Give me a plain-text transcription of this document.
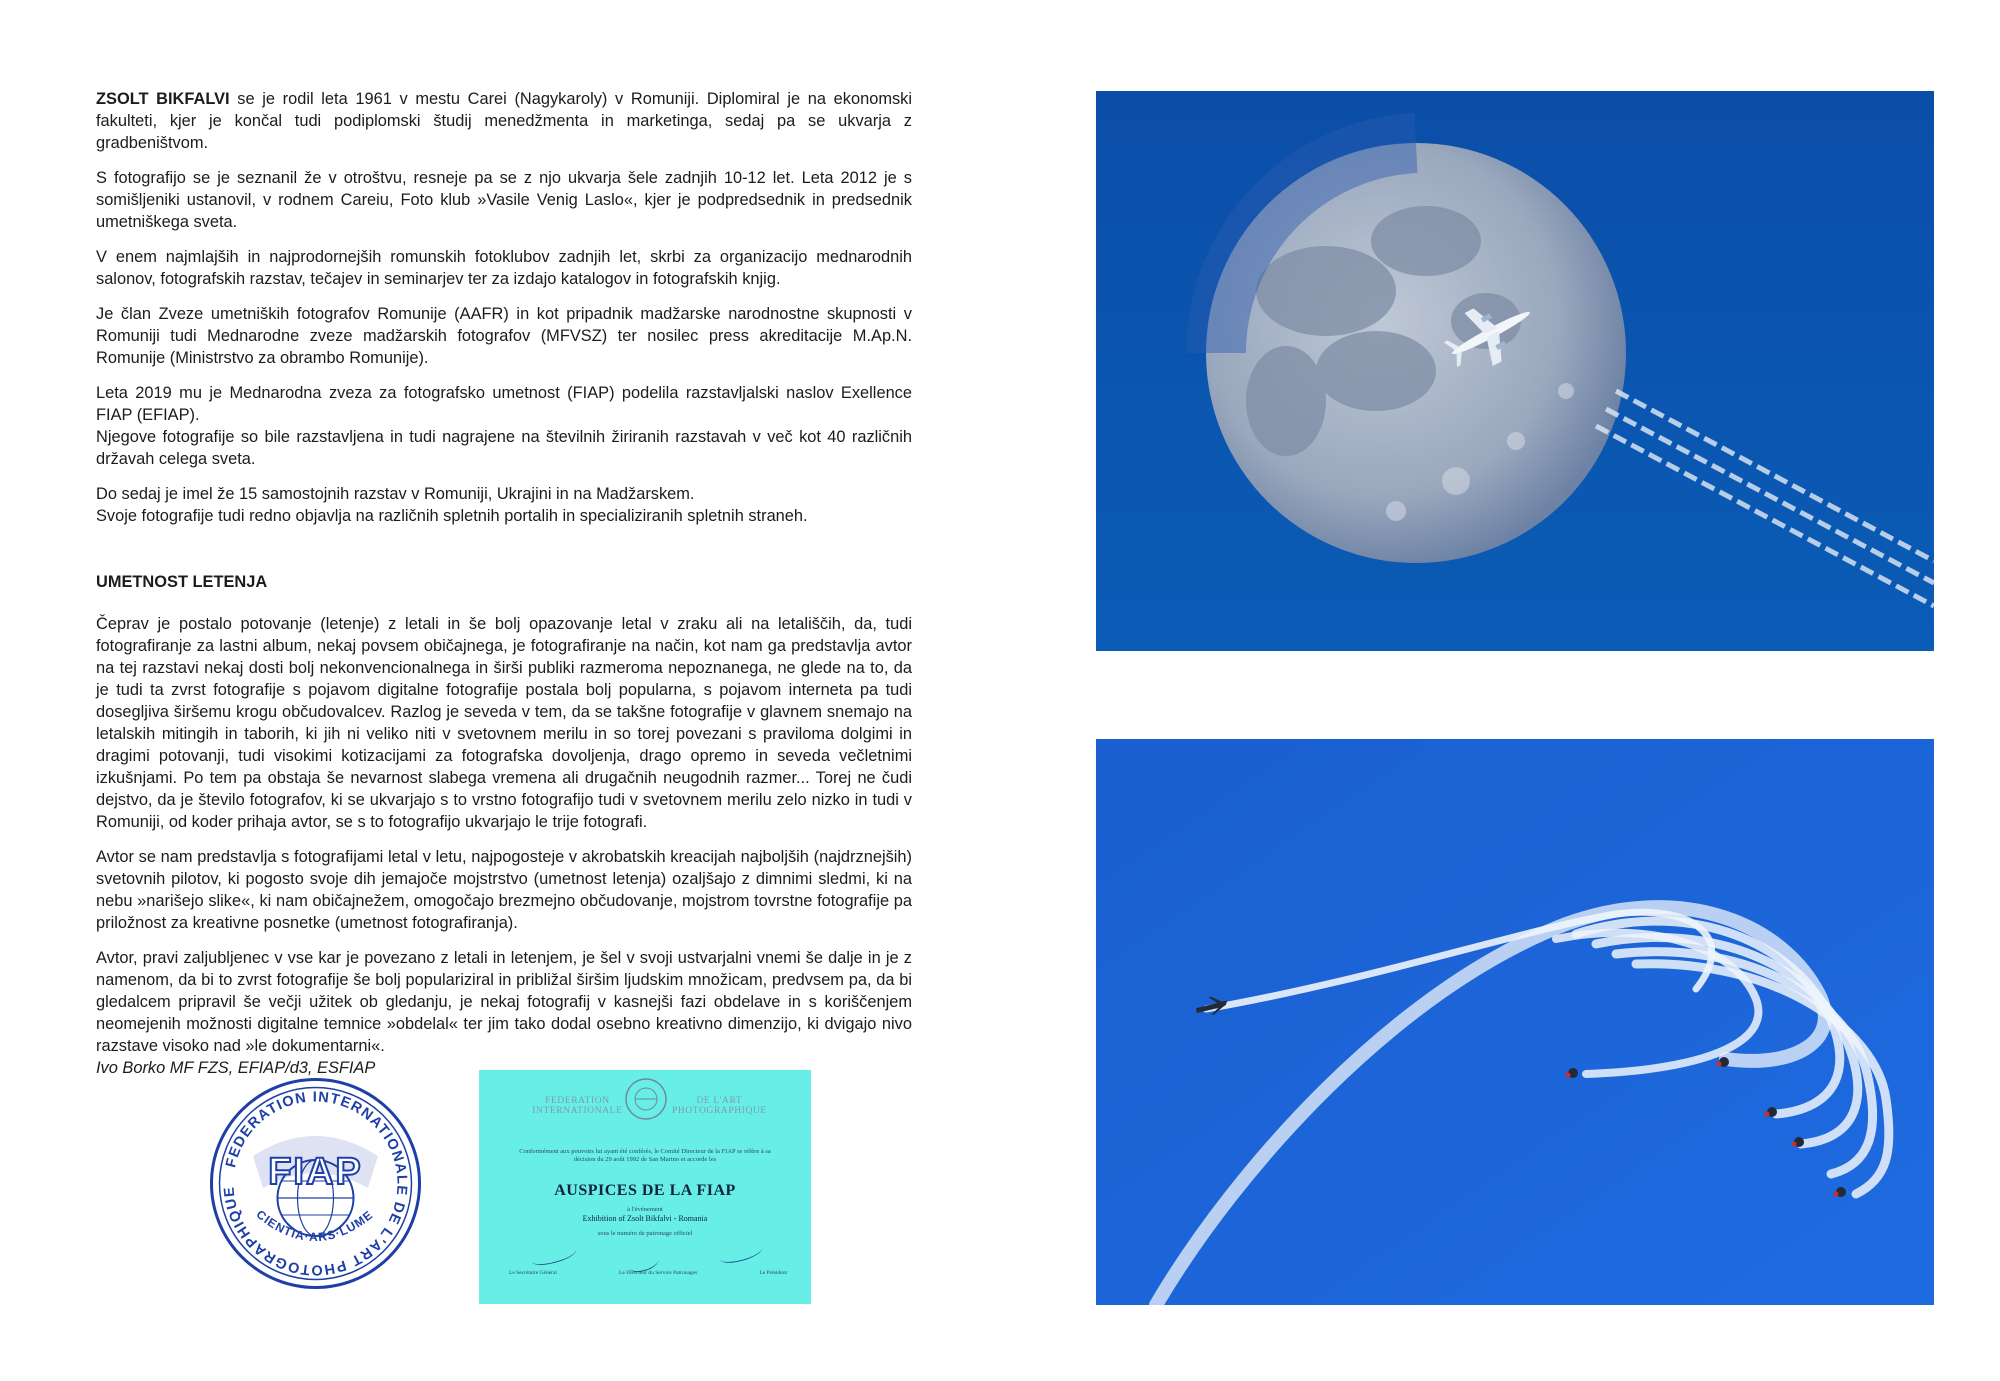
ZSOLT BIKFALVI se je rodil leta 1961 v mestu Carei (Nagykaroly) v Romuniji. Diplomiral je na ekonomski fakulteti, kjer je končal tudi podiplomski študij menedžmenta in marketinga, sedaj pa se ukvarja z gradbeništvom.

S fotografijo se je seznanil že v otroštvu, resneje pa se z njo ukvarja šele zadnjih 10-12 let. Leta 2012 je s somišljeniki ustanovil, v rodnem Careiu, Foto klub »Vasile Venig Laslo«, kjer je podpredsednik in predsednik umetniškega sveta.

V enem najmlajših in najprodornejših romunskih fotoklubov zadnjih let, skrbi za organizacijo mednarodnih salonov, fotografskih razstav, tečajev in seminarjev ter za izdajo katalogov in fotografskih knjig.

Je član Zveze umetniških fotografov Romunije (AAFR) in kot pripadnik madžarske narodnostne skupnosti v Romuniji tudi Mednarodne zveze madžarskih fotografov (MFVSZ) ter nosilec press akreditacije M.Ap.N. Romunije (Ministrstvo za obrambo Romunije).

Leta 2019 mu je Mednarodna zveza za fotografsko umetnost (FIAP) podelila razstavljalski naslov Exellence FIAP (EFIAP).

Njegove fotografije so bile razstavljena in tudi nagrajene na številnih žiriranih razstavah v več kot 40 različnih državah celega sveta.

Do sedaj je imel že 15 samostojnih razstav v Romuniji, Ukrajini in na Madžarskem.

Svoje fotografije tudi redno objavlja na različnih spletnih portalih in specializiranih spletnih straneh.

UMETNOST LETENJA

Čeprav je postalo potovanje (letenje) z letali in še bolj opazovanje letal v zraku ali na letališčih, da, tudi fotografiranje za lastni album, nekaj povsem običajnega, je fotografiranje na način, kot nam ga predstavlja avtor na tej razstavi nekaj dosti bolj nekonvencionalnega in širši publiki razmeroma nepoznanega, ne glede na to, da je tudi ta zvrst fotografije s pojavom digitalne fotografije postala bolj popularna, s pojavom interneta pa tudi dosegljiva širšemu krogu občudovalcev. Razlog je seveda v tem, da se takšne fotografije v glavnem snemajo na letalskih mitingih in taborih, ki jih ni veliko niti v svetovnem merilu in so torej povezani s praviloma dolgimi in dragimi potovanji, tudi visokimi kotizacijami za fotografska dovoljenja, drago opremo in seveda večletnimi izkušnjami. Po tem pa obstaja še nevarnost slabega vremena ali drugačnih neugodnih razmer... Torej ne čudi dejstvo, da je število fotografov, ki se ukvarjajo s to vrstno fotografijo tudi v svetovnem merilu zelo nizko in tudi v Romuniji, od koder prihaja avtor, se s to fotografijo ukvarjajo le trije fotografi.

Avtor se nam predstavlja s fotografijami letal v letu, najpogosteje v akrobatskih kreacijah najboljših (najdrznejših) svetovnih pilotov, ki pogosto svoje dih jemajoče mojstrstvo (umetnost letenja) ozaljšajo z dimnimi sledmi, ki na nebu »narišejo slike«, ki nam običajnežem, omogočajo brezmejno občudovanje, mojstrom tovrstne fotografije pa priložnost za kreativne posnetke (umetnost fotografiranja).

Avtor, pravi zaljubljenec v vse kar je povezano z letali in letenjem, je šel v svoji ustvarjalni vnemi še dalje in je z namenom, da bi to zvrst fotografije še bolj populariziral in približal širšim ljudskim množicam, predvsem pa, da bi gledalcem pripravil še večji užitek ob gledanju, je nekaj fotografij v kasnejši fazi obdelave in s koriščenjem neomejenih možnosti digitalne temnice »obdelal« ter jim tako dodal osebno kreativno dimenzijo, ki dvigajo nivo razstave visoko nad »le dokumentarni«.

Ivo Borko MF FZS, EFIAP/d3, ESFIAP

FEDERATION INTERNATIONALE DE L'ART PHOTOGRAPHIQUE FIAP
CIENTIA·ARS·LUME
FEDERATION INTERNATIONALE
DE L'ART PHOTOGRAPHIQUE
Conformément aux pouvoirs lui ayant été conférés, le Comité Directeur de la FIAP se réfère à sa décision du 29 août 1992 de San Marino et accorde les
AUSPICES DE LA FIAP
à l'événement
Exhibition of Zsolt Bikfalvi - Romania
sous le numéro de patronage officiel
Le Secrétaire Général	Le Directeur du Service Patronages	Le Président
